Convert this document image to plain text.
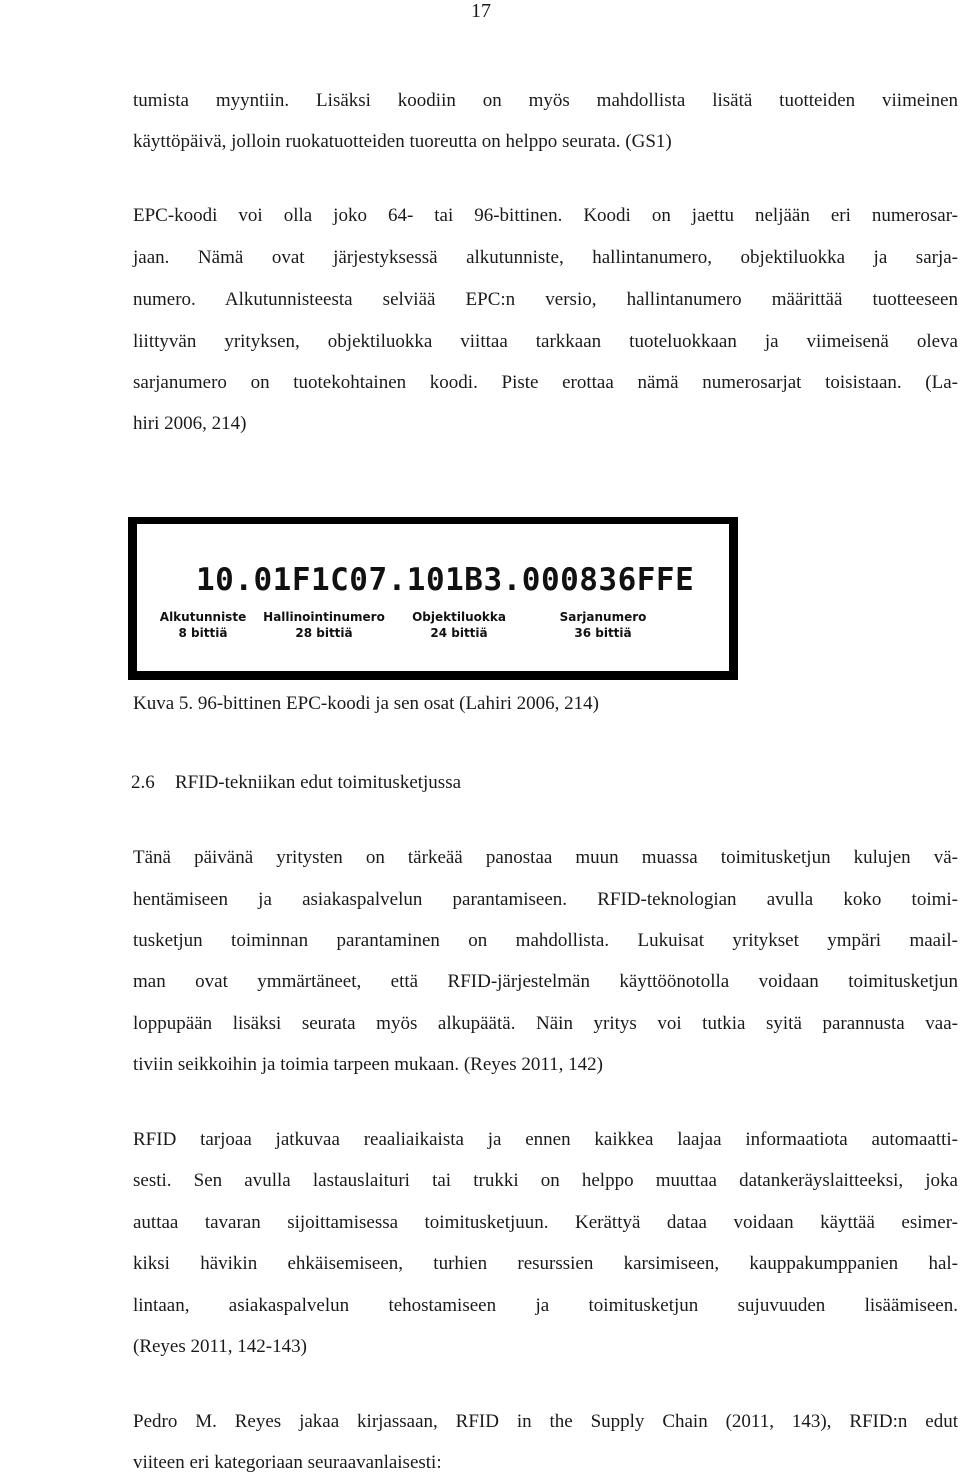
17
tumista myyntiin. Lisäksi koodiin on myös mahdollista lisätä tuotteiden viimeinen
käyttöpäivä, jolloin ruokatuotteiden tuoreutta on helppo seurata. (GS1)
EPC-koodi voi olla joko 64- tai 96-bittinen. Koodi on jaettu neljään eri numerosar-
jaan. Nämä ovat järjestyksessä alkutunniste, hallintanumero, objektiluokka ja sarja-
numero. Alkutunnisteesta selviää EPC:n versio, hallintanumero määrittää tuotteeseen
liittyvän yrityksen, objektiluokka viittaa tarkkaan tuoteluokkaan ja viimeisenä oleva
sarjanumero on tuotekohtainen koodi. Piste erottaa nämä numerosarjat toisistaan. (La-
hiri 2006, 214)
10.01F1C07.101B3.000836FFE
Alkutunniste
8 bittiä
Hallinointinumero
28 bittiä
Objektiluokka
24 bittiä
Sarjanumero
36 bittiä
Kuva 5. 96-bittinen EPC-koodi ja sen osat (Lahiri 2006, 214)
2.6 RFID-tekniikan edut toimitusketjussa
Tänä päivänä yritysten on tärkeää panostaa muun muassa toimitusketjun kulujen vä-
hentämiseen ja asiakaspalvelun parantamiseen. RFID-teknologian avulla koko toimi-
tusketjun toiminnan parantaminen on mahdollista. Lukuisat yritykset ympäri maail-
man ovat ymmärtäneet, että RFID-järjestelmän käyttöönotolla voidaan toimitusketjun
loppupään lisäksi seurata myös alkupäätä. Näin yritys voi tutkia syitä parannusta vaa-
tiviin seikkoihin ja toimia tarpeen mukaan. (Reyes 2011, 142)
RFID tarjoaa jatkuvaa reaaliaikaista ja ennen kaikkea laajaa informaatiota automaatti-
sesti. Sen avulla lastauslaituri tai trukki on helppo muuttaa datankeräyslaitteeksi, joka
auttaa tavaran sijoittamisessa toimitusketjuun. Kerättyä dataa voidaan käyttää esimer-
kiksi hävikin ehkäisemiseen, turhien resurssien karsimiseen, kauppakumppanien hal-
lintaan, asiakaspalvelun tehostamiseen ja toimitusketjun sujuvuuden lisäämiseen.
(Reyes 2011, 142-143)
Pedro M. Reyes jakaa kirjassaan, RFID in the Supply Chain (2011, 143), RFID:n edut
viiteen eri kategoriaan seuraavanlaisesti:
